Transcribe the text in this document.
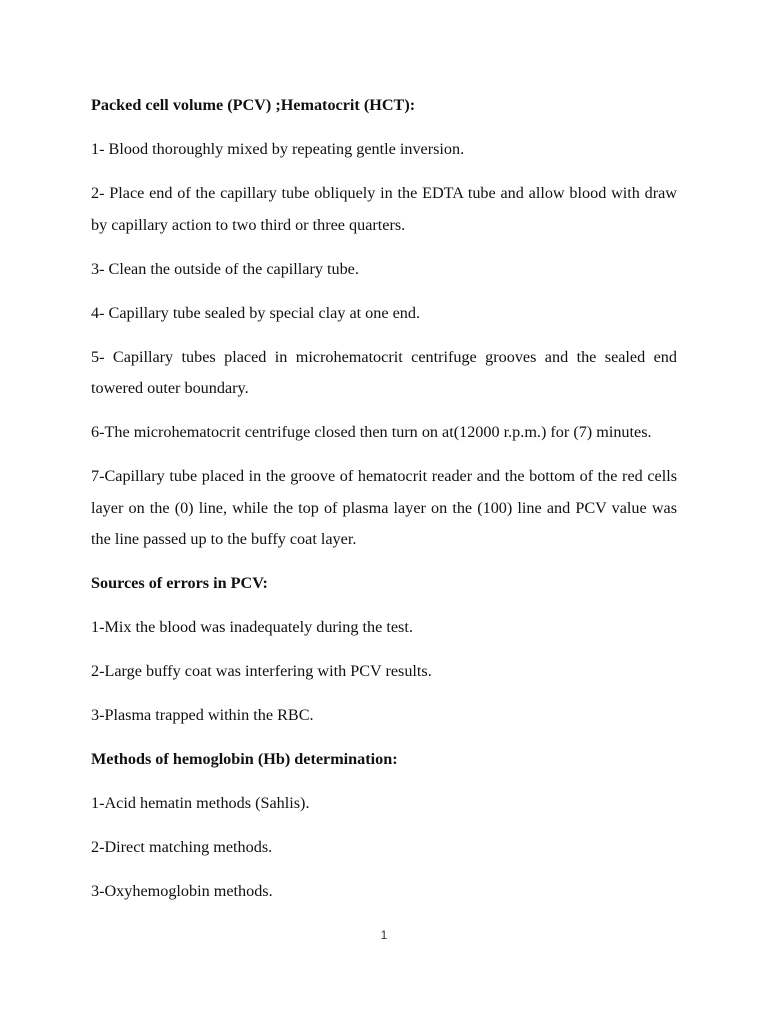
Packed cell volume (PCV) ;Hematocrit (HCT):

1- Blood thoroughly mixed by repeating gentle inversion.

2- Place end of the capillary tube obliquely in the EDTA tube and allow blood with draw by capillary action to two third or three quarters.

3- Clean the outside of the capillary tube.

4- Capillary tube sealed by special clay at one end.

5- Capillary tubes placed in microhematocrit centrifuge grooves and the sealed end towered outer boundary.

6-The microhematocrit centrifuge closed then turn on at(12000 r.p.m.) for (7) minutes.

7-Capillary tube placed in the groove of hematocrit reader and the bottom of the red cells layer on the (0) line, while the top of plasma layer on the (100) line and PCV value was the line passed up to the buffy coat layer.

Sources of errors in PCV:

1-Mix the blood was inadequately during the test.

2-Large buffy coat was interfering with PCV results.

3-Plasma trapped within the RBC.

Methods of hemoglobin (Hb) determination:

1-Acid hematin methods (Sahlis).

2-Direct matching methods.

3-Oxyhemoglobin methods.

1
